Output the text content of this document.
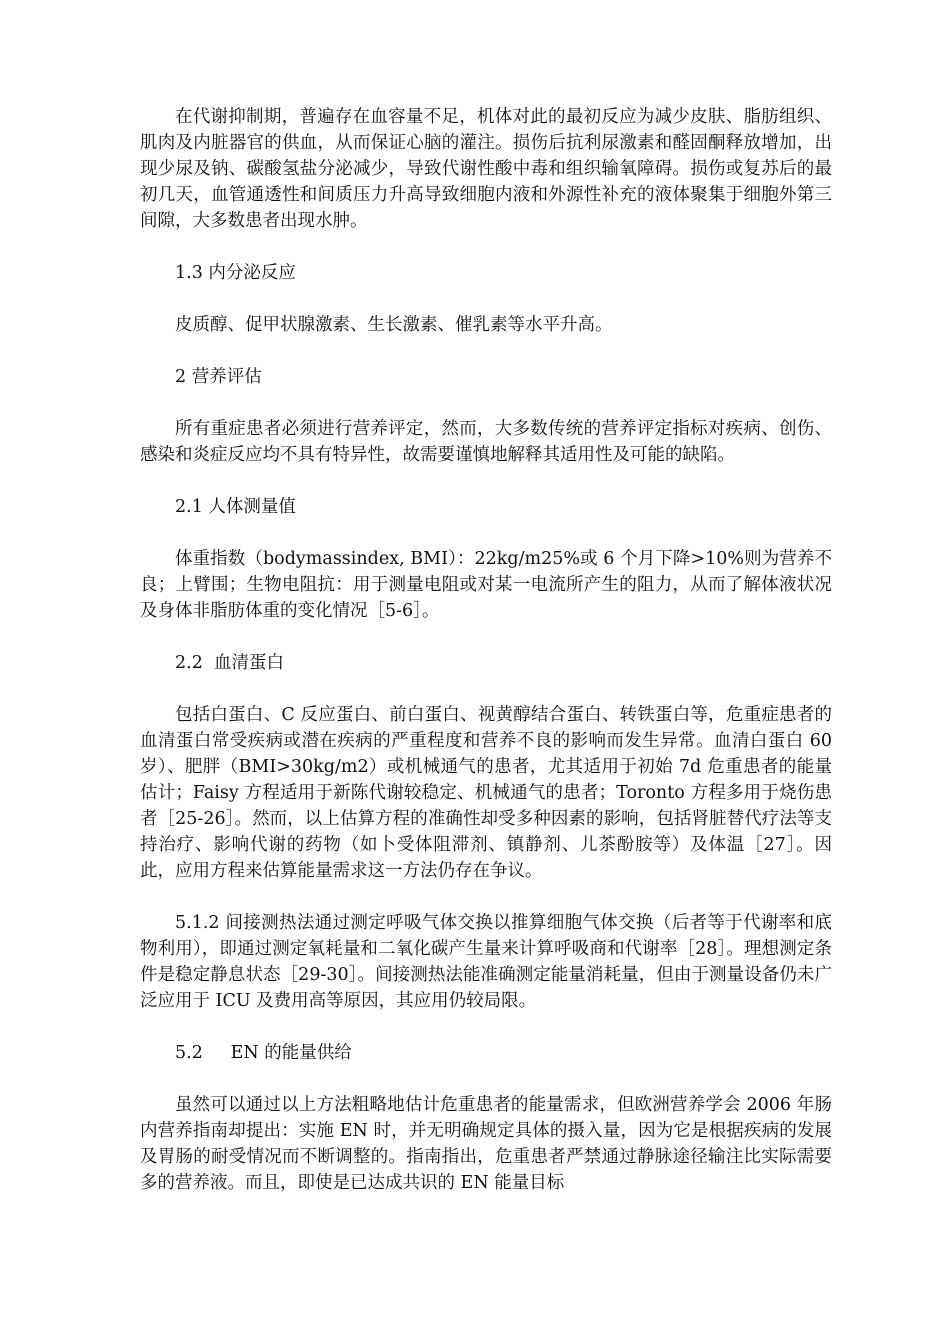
在代谢抑制期，普遍存在血容量不足，机体对此的最初反应为减少皮肤、脂肪组织、肌肉及内脏器官的供血，从而保证心脑的灌注。损伤后抗利尿激素和醛固酮释放增加，出现少尿及钠、碳酸氢盐分泌减少，导致代谢性酸中毒和组织输氧障碍。损伤或复苏后的最初几天，血管通透性和间质压力升高导致细胞内液和外源性补充的液体聚集于细胞外第三间隙，大多数患者出现水肿。

1.3 内分泌反应

皮质醇、促甲状腺激素、生长激素、催乳素等水平升高。

2 营养评估

所有重症患者必须进行营养评定，然而，大多数传统的营养评定指标对疾病、创伤、感染和炎症反应均不具有特异性，故需要谨慎地解释其适用性及可能的缺陷。

2.1 人体测量值

体重指数（bodymassindex, BMI）：22kg/m25%或 6 个月下降>10%则为营养不良；上臂围；生物电阻抗：用于测量电阻或对某一电流所产生的阻力，从而了解体液状况及身体非脂肪体重的变化情况［5-6］。

2.2  血清蛋白

包括白蛋白、C 反应蛋白、前白蛋白、视黄醇结合蛋白、转铁蛋白等，危重症患者的血清蛋白常受疾病或潜在疾病的严重程度和营养不良的影响而发生异常。血清白蛋白 60 岁）、肥胖（BMI>30kg/m2）或机械通气的患者，尤其适用于初始 7d 危重患者的能量估计；Faisy 方程适用于新陈代谢较稳定、机械通气的患者；Toronto 方程多用于烧伤患者［25-26］。然而，以上估算方程的准确性却受多种因素的影响，包括肾脏替代疗法等支持治疗、影响代谢的药物（如卜受体阻滞剂、镇静剂、儿茶酚胺等）及体温［27］。因此，应用方程来估算能量需求这一方法仍存在争议。

5.1.2 间接测热法通过测定呼吸气体交换以推算细胞气体交换（后者等于代谢率和底物利用），即通过测定氧耗量和二氧化碳产生量来计算呼吸商和代谢率［28］。理想测定条件是稳定静息状态［29-30］。间接测热法能准确测定能量消耗量，但由于测量设备仍未广泛应用于 ICU 及费用高等原因，其应用仍较局限。

5.2     EN 的能量供给

虽然可以通过以上方法粗略地估计危重患者的能量需求，但欧洲营养学会 2006 年肠内营养指南却提出：实施 EN 时，并无明确规定具体的摄入量，因为它是根据疾病的发展及胃肠的耐受情况而不断调整的。指南指出，危重患者严禁通过静脉途径输注比实际需要多的营养液。而且，即使是已达成共识的 EN 能量目标
